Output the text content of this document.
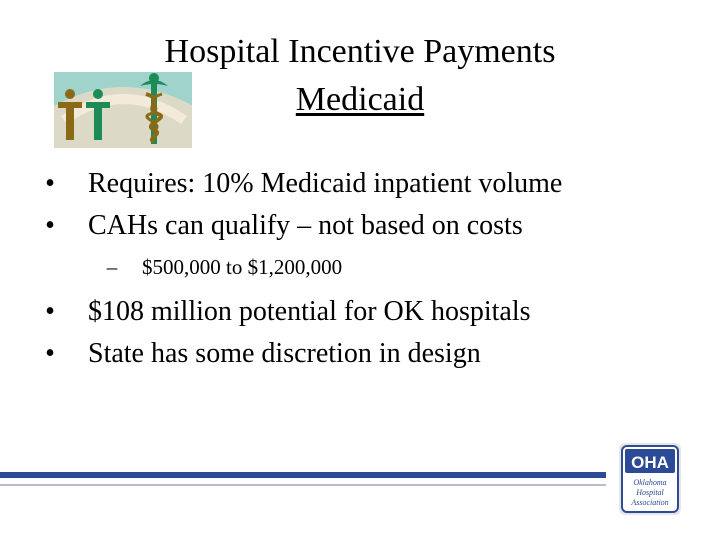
Hospital Incentive Payments
Medicaid
•	Requires: 10% Medicaid inpatient volume
•	CAHs can qualify – not based on costs
–	$500,000 to $1,200,000
•	$108 million potential for OK hospitals
•	State has some discretion in design
OHA
Oklahoma
Hospital
Association
